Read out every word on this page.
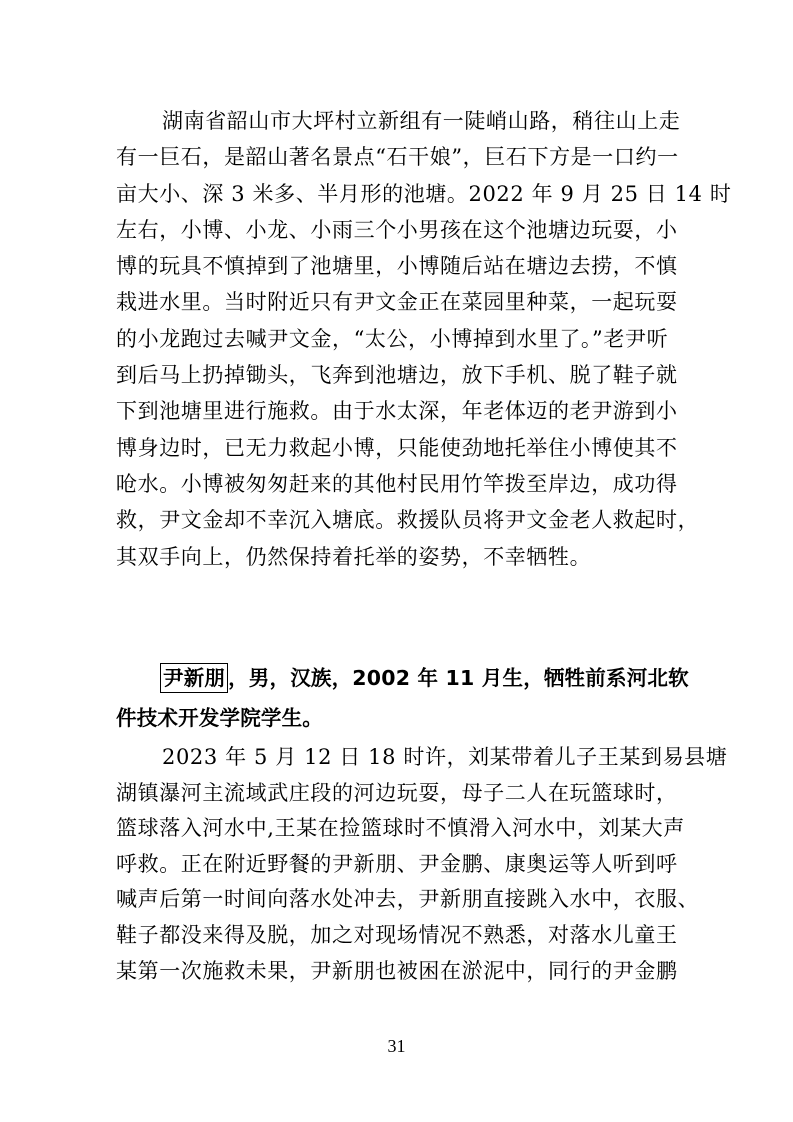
湖南省韶山市大坪村立新组有一陡峭山路，稍往山上走
有一巨石，是韶山著名景点“石干娘”，巨石下方是一口约一
亩大小、深 3 米多、半月形的池塘。2022 年 9 月 25 日 14 时
左右，小博、小龙、小雨三个小男孩在这个池塘边玩耍，小
博的玩具不慎掉到了池塘里，小博随后站在塘边去捞，不慎
栽进水里。当时附近只有尹文金正在菜园里种菜，一起玩耍
的小龙跑过去喊尹文金，“太公，小博掉到水里了。”老尹听
到后马上扔掉锄头，飞奔到池塘边，放下手机、脱了鞋子就
下到池塘里进行施救。由于水太深，年老体迈的老尹游到小
博身边时，已无力救起小博，只能使劲地托举住小博使其不
呛水。小博被匆匆赶来的其他村民用竹竿拨至岸边，成功得
救，尹文金却不幸沉入塘底。救援队员将尹文金老人救起时，
其双手向上，仍然保持着托举的姿势，不幸牺牲。
尹新朋 ，男，汉族，2002 年 11 月生，牺牲前系河北软
件技术开发学院学生。
2023 年 5 月 12 日 18 时许，刘某带着儿子王某到易县塘
湖镇瀑河主流域武庄段的河边玩耍，母子二人在玩篮球时，
篮球落入河水中,王某在捡篮球时不慎滑入河水中，刘某大声
呼救。正在附近野餐的尹新朋、尹金鹏、康奥运等人听到呼
喊声后第一时间向落水处冲去，尹新朋直接跳入水中，衣服、
鞋子都没来得及脱，加之对现场情况不熟悉，对落水儿童王
某第一次施救未果，尹新朋也被困在淤泥中，同行的尹金鹏
31
